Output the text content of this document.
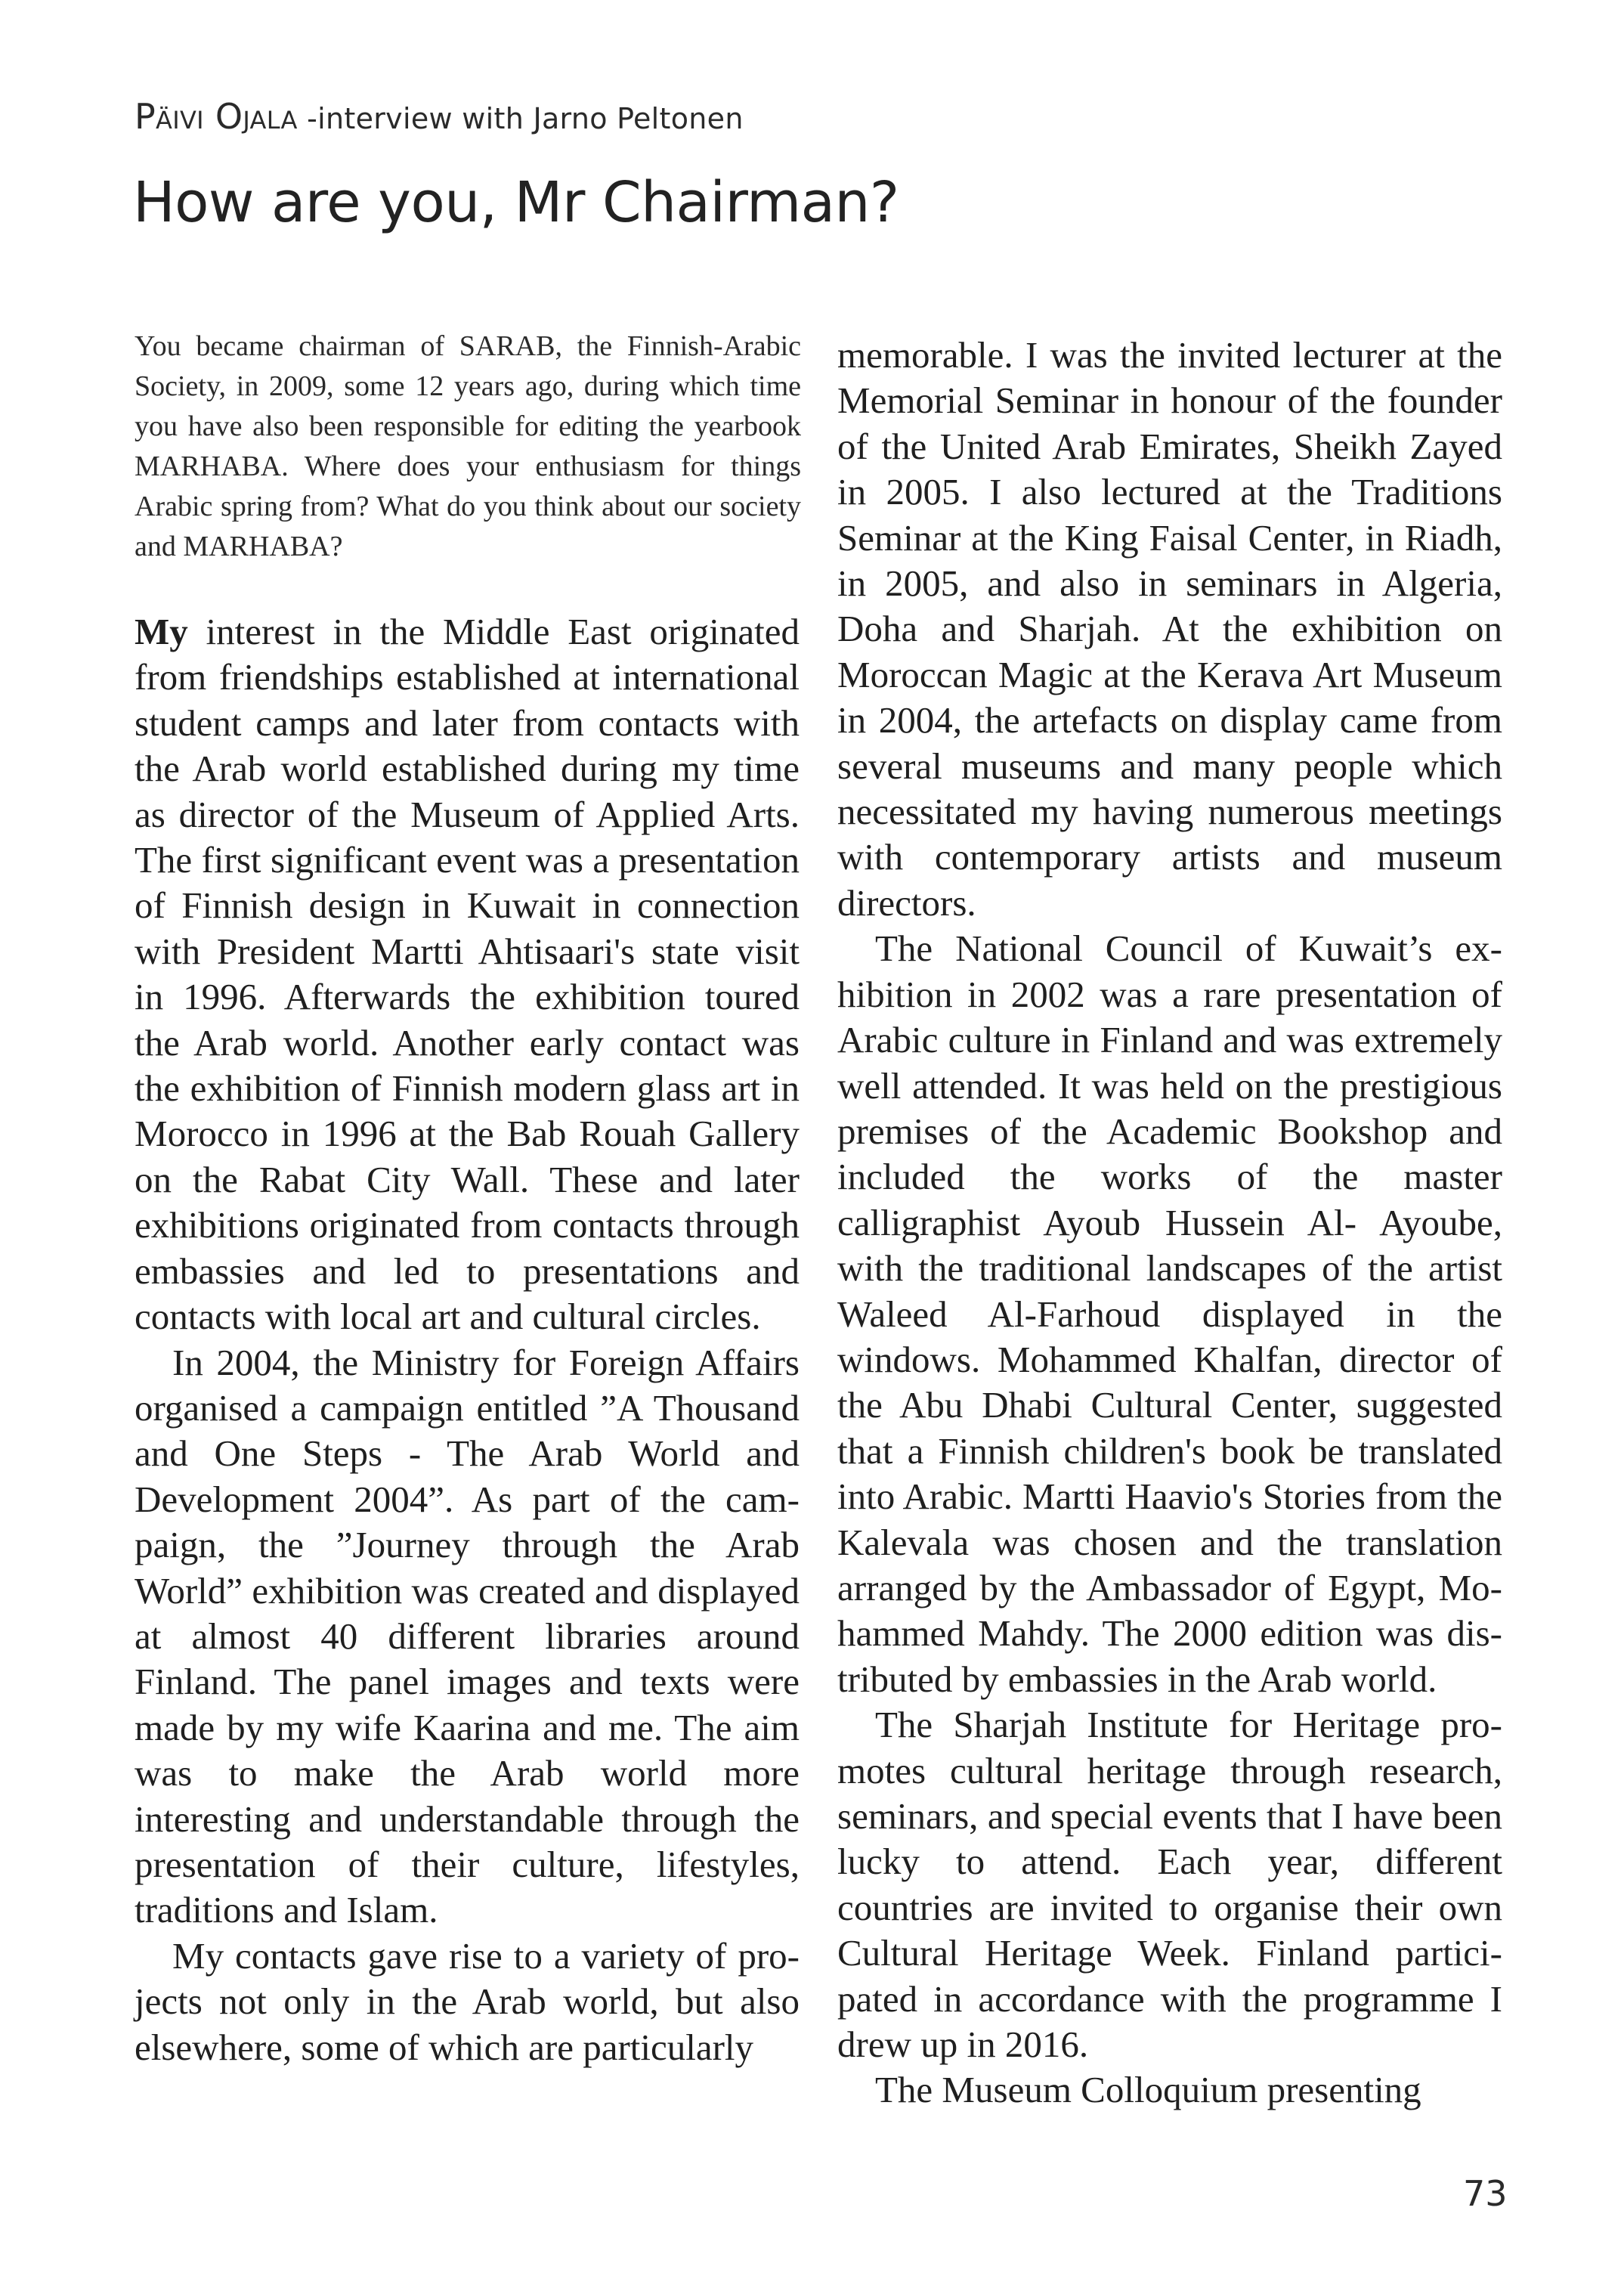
Päivi Ojala -interview with Jarno Peltonen
How are you, Mr Chairman?

You became chairman of SARAB, the Finnish-Arabic Society, in 2009, some 12 years ago, during which time you have also been responsible for editing the yearbook MARHABA. Where does your enthusiasm for things Arabic spring from? What do you think about our society and MARHABA?

My interest in the Middle East originated from friendships established at international student camps and later from contacts with the Arab world established during my time as director of the Museum of Applied Arts. The first significant event was a presentation of Finnish design in Kuwait in connection with President Martti Ahtisaari's state visit in 1996. Afterwards the exhibition toured the Arab world. Another early contact was the exhibition of Finnish modern glass art in Morocco in 1996 at the Bab Rouah Gallery on the Rabat City Wall. These and later exhibitions originated from contacts through embassies and led to presentations and contacts with local art and cultural circles.

In 2004, the Ministry for Foreign Affairs organised a campaign entitled ”A Thousand and One Steps - The Arab World and Development 2004”. As part of the campaign, the ”Journey through the Arab World” exhibition was created and displayed at almost 40 different libraries around Finland. The panel images and texts were made by my wife Kaarina and me. The aim was to make the Arab world more interesting and understandable through the presentation of their culture, lifestyles, traditions and Islam.

My contacts gave rise to a variety of projects not only in the Arab world, but also elsewhere, some of which are particularly

memorable. I was the invited lecturer at the Memorial Seminar in honour of the founder of the United Arab Emirates, Sheikh Zayed in 2005. I also lectured at the Traditions Seminar at the King Faisal Center, in Riadh, in 2005, and also in seminars in Algeria, Doha and Sharjah. At the exhibition on Moroccan Magic at the Kerava Art Museum in 2004, the artefacts on display came from several museums and many people which necessitated my having numerous meetings with contemporary artists and museum directors.

The National Council of Kuwait’s exhibition in 2002 was a rare presentation of Arabic culture in Finland and was extremely well attended. It was held on the prestigious premises of the Academic Bookshop and included the works of the master calligraphist Ayoub Hussein Al- Ayoube, with the traditional landscapes of the artist Waleed Al-Farhoud displayed in the windows. Mohammed Khalfan, director of the Abu Dhabi Cultural Center, suggested that a Finnish children's book be translated into Arabic. Martti Haavio's Stories from the Kalevala was chosen and the translation arranged by the Ambassador of Egypt, Mohammed Mahdy. The 2000 edition was distributed by embassies in the Arab world.

The Sharjah Institute for Heritage promotes cultural heritage through research, seminars, and special events that I have been lucky to attend. Each year, different countries are invited to organise their own Cultural Heritage Week. Finland participated in accordance with the programme I drew up in 2016.

The Museum Colloquium presenting

73
